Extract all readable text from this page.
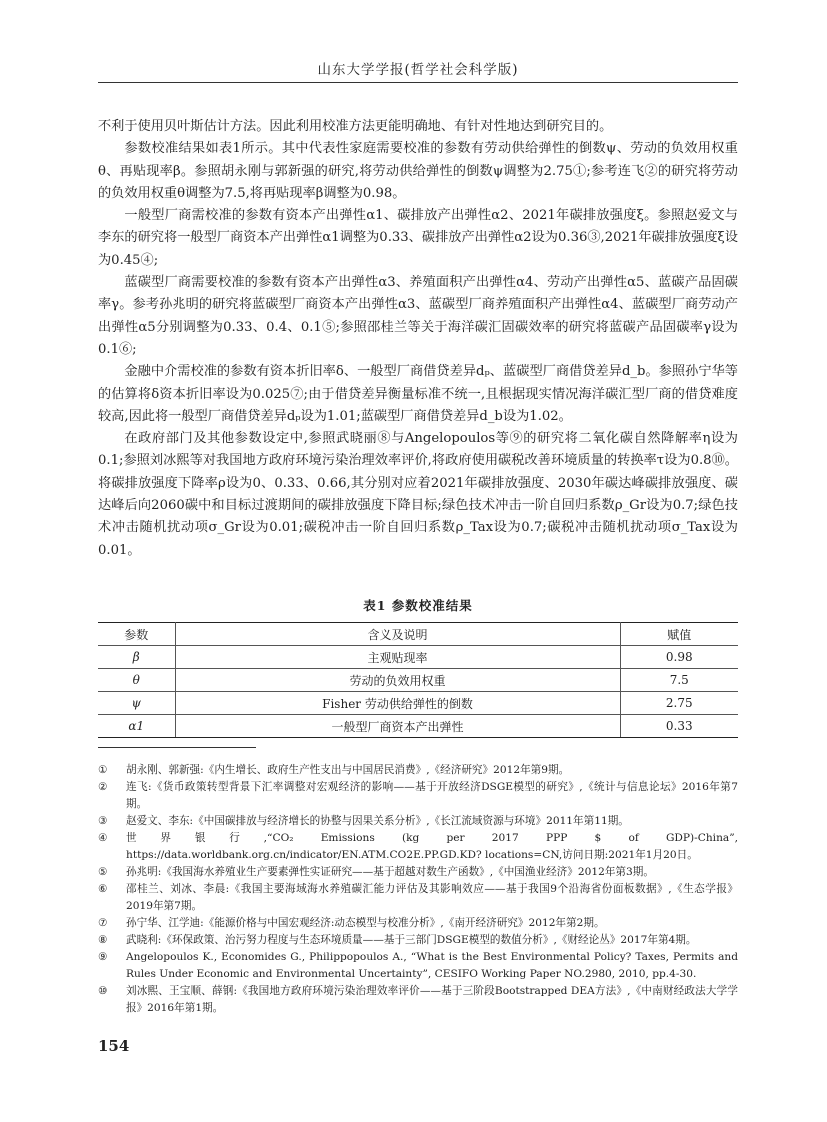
山东大学学报(哲学社会科学版)

不利于使用贝叶斯估计方法。因此利用校准方法更能明确地、有针对性地达到研究目的。

参数校准结果如表1所示。其中代表性家庭需要校准的参数有劳动供给弹性的倒数ψ、劳动的负效用权重θ、再贴现率β。参照胡永刚与郭新强的研究,将劳动供给弹性的倒数ψ调整为2.75①;参考连飞②的研究将劳动的负效用权重θ调整为7.5,将再贴现率β调整为0.98。

一般型厂商需校准的参数有资本产出弹性α1、碳排放产出弹性α2、2021年碳排放强度ξ。参照赵爱文与李东的研究将一般型厂商资本产出弹性α1调整为0.33、碳排放产出弹性α2设为0.36③,2021年碳排放强度ξ设为0.45④;

蓝碳型厂商需要校准的参数有资本产出弹性α3、养殖面积产出弹性α4、劳动产出弹性α5、蓝碳产品固碳率γ。参考孙兆明的研究将蓝碳型厂商资本产出弹性α3、蓝碳型厂商养殖面积产出弹性α4、蓝碳型厂商劳动产出弹性α5分别调整为0.33、0.4、0.1⑤;参照邵桂兰等关于海洋碳汇固碳效率的研究将蓝碳产品固碳率γ设为0.1⑥;

金融中介需校准的参数有资本折旧率δ、一般型厂商借贷差异dₚ、蓝碳型厂商借贷差异d_b。参照孙宁华等的估算将δ资本折旧率设为0.025⑦;由于借贷差异衡量标准不统一,且根据现实情况海洋碳汇型厂商的借贷难度较高,因此将一般型厂商借贷差异dₚ设为1.01;蓝碳型厂商借贷差异d_b设为1.02。

在政府部门及其他参数设定中,参照武晓丽⑧与Angelopoulos等⑨的研究将二氧化碳自然降解率η设为0.1;参照刘冰熙等对我国地方政府环境污染治理效率评价,将政府使用碳税改善环境质量的转换率τ设为0.8⑩。将碳排放强度下降率ρ设为0、0.33、0.66,其分别对应着2021年碳排放强度、2030年碳达峰碳排放强度、碳达峰后向2060碳中和目标过渡期间的碳排放强度下降目标;绿色技术冲击一阶自回归系数ρ_Gr设为0.7;绿色技术冲击随机扰动项σ_Gr设为0.01;碳税冲击一阶自回归系数ρ_Tax设为0.7;碳税冲击随机扰动项σ_Tax设为0.01。

表1 参数校准结果
参数	含义及说明	赋值
β	主观贴现率	0.98
θ	劳动的负效用权重	7.5
ψ	Fisher 劳动供给弹性的倒数	2.75
α1	一般型厂商资本产出弹性	0.33
①	胡永刚、郭新强:《内生增长、政府生产性支出与中国居民消费》,《经济研究》2012年第9期。
②	连飞:《货币政策转型背景下汇率调整对宏观经济的影响——基于开放经济DSGE模型的研究》,《统计与信息论坛》2016年第7期。
③	赵爱文、李东:《中国碳排放与经济增长的协整与因果关系分析》,《长江流域资源与环境》2011年第11期。
④	世界银行,“CO₂ Emissions (kg per 2017 PPP $ of GDP)-China”, https://data.worldbank.org.cn/indicator/EN.ATM.CO2E.PP.GD.KD? locations=CN,访问日期:2021年1月20日。
⑤	孙兆明:《我国海水养殖业生产要素弹性实证研究——基于超越对数生产函数》,《中国渔业经济》2012年第3期。
⑥	邵桂兰、刘冰、李晨:《我国主要海域海水养殖碳汇能力评估及其影响效应——基于我国9个沿海省份面板数据》,《生态学报》2019年第7期。
⑦	孙宁华、江学迪:《能源价格与中国宏观经济:动态模型与校准分析》,《南开经济研究》2012年第2期。
⑧	武晓利:《环保政策、治污努力程度与生态环境质量——基于三部门DSGE模型的数值分析》,《财经论丛》2017年第4期。
⑨	Angelopoulos K., Economides G., Philippopoulos A., “What is the Best Environmental Policy? Taxes, Permits and Rules Under Economic and Environmental Uncertainty”, CESIFO Working Paper NO.2980, 2010, pp.4-30.
⑩	刘冰熙、王宝顺、薛钢:《我国地方政府环境污染治理效率评价——基于三阶段Bootstrapped DEA方法》,《中南财经政法大学学报》2016年第1期。
154
